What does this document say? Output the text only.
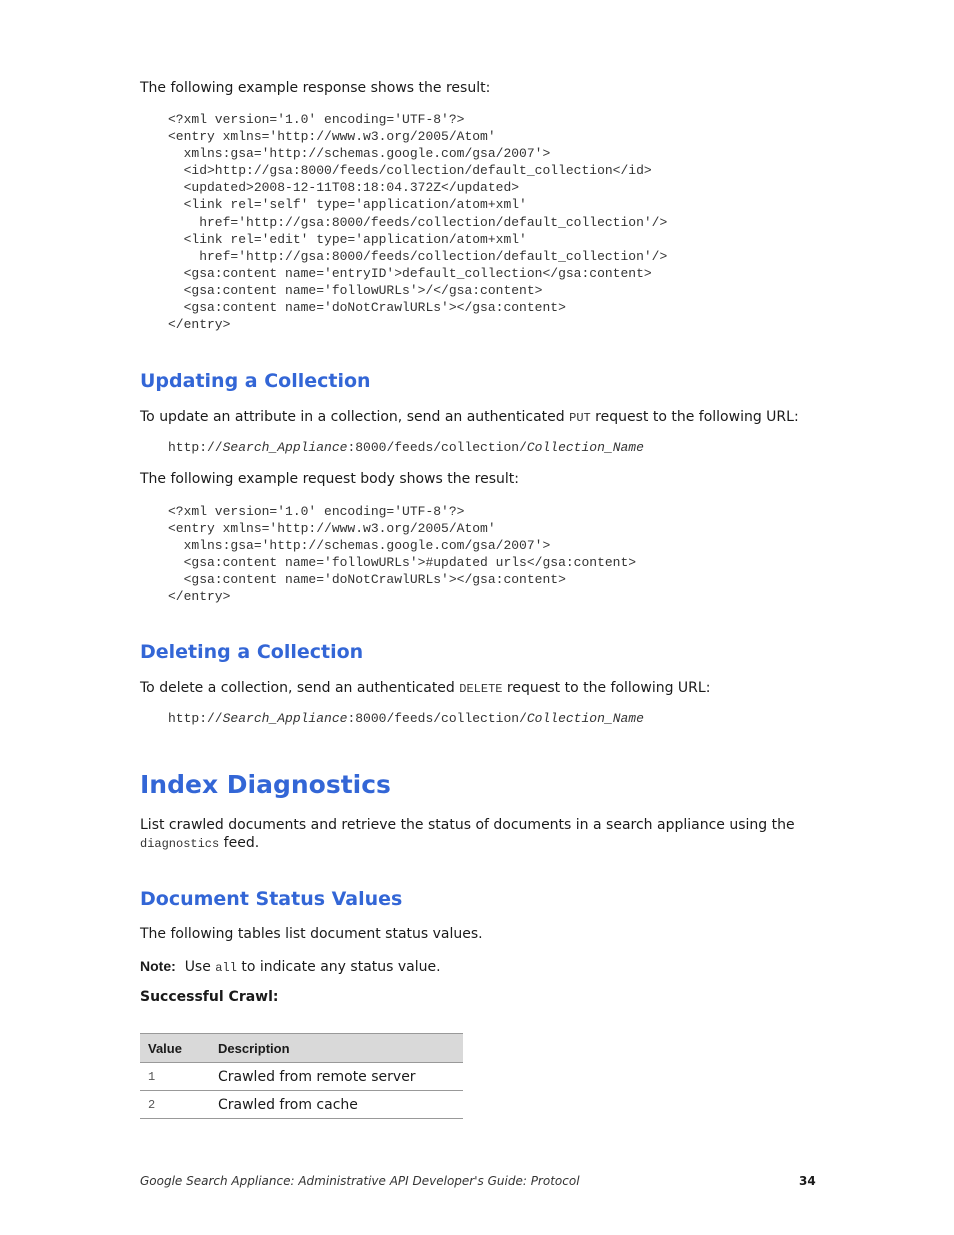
The following example response shows the result:

<?xml version='1.0' encoding='UTF-8'?>
<entry xmlns='http://www.w3.org/2005/Atom'
xmlns:gsa='http://schemas.google.com/gsa/2007'>
<id>http://gsa:8000/feeds/collection/default_collection</id>
<updated>2008-12-11T08:18:04.372Z</updated>
<link rel='self' type='application/atom+xml'
href='http://gsa:8000/feeds/collection/default_collection'/>
<link rel='edit' type='application/atom+xml'
href='http://gsa:8000/feeds/collection/default_collection'/>
<gsa:content name='entryID'>default_collection</gsa:content>
<gsa:content name='followURLs'>/</gsa:content>
<gsa:content name='doNotCrawlURLs'></gsa:content>
</entry>
Updating a Collection

To update an attribute in a collection, send an authenticated PUT request to the following URL:

http://Search_Appliance:8000/feeds/collection/Collection_Name

The following example request body shows the result:

<?xml version='1.0' encoding='UTF-8'?>
<entry xmlns='http://www.w3.org/2005/Atom'
xmlns:gsa='http://schemas.google.com/gsa/2007'>
<gsa:content name='followURLs'>#updated urls</gsa:content>
<gsa:content name='doNotCrawlURLs'></gsa:content>
</entry>
Deleting a Collection

To delete a collection, send an authenticated DELETE request to the following URL:

http://Search_Appliance:8000/feeds/collection/Collection_Name

Index Diagnostics

List crawled documents and retrieve the status of documents in a search appliance using the

diagnostics feed.

Document Status Values

The following tables list document status values.

Note: Use all to indicate any status value.

Successful Crawl:

Value	Description
1	Crawled from remote server
2	Crawled from cache
Google Search Appliance: Administrative API Developer's Guide: Protocol	34
